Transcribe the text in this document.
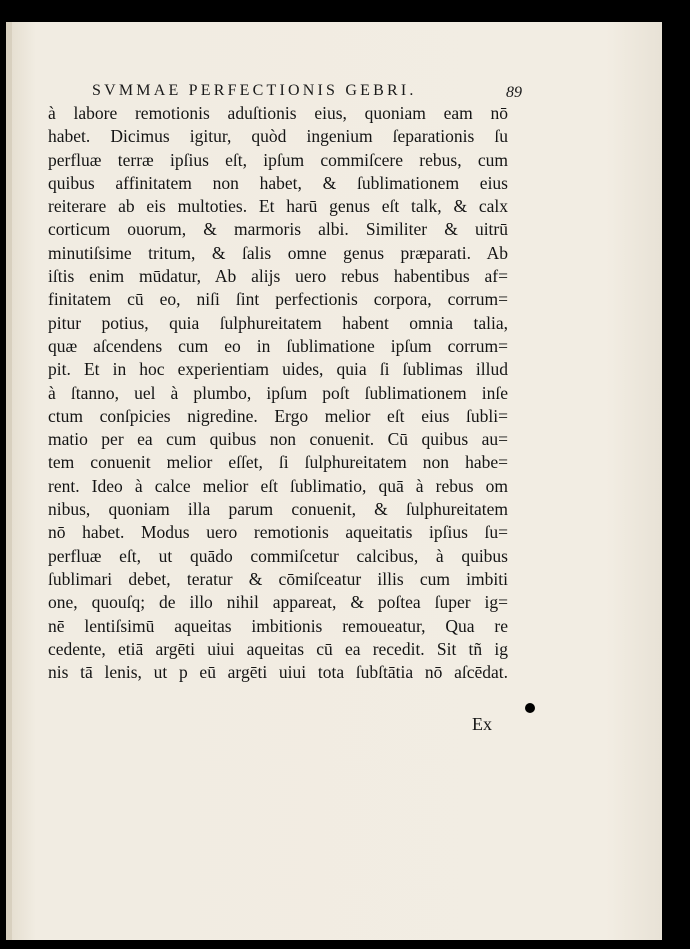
SVMMAE PERFECTIONIS GEBRI.	89
à labore remotionis aduſtionis eius, quoniam eam nō
habet. Dicimus igitur, quòd ingenium ſeparationis ſu
perfluæ terræ ipſius eſt, ipſum commiſcere rebus, cum
quibus affinitatem non habet, & ſublimationem eius
reiterare ab eis multoties. Et harū genus eſt talk, & calx
corticum ouorum, & marmoris albi. Similiter & uitrū
minutiſsime tritum, & ſalis omne genus præparati. Ab
iſtis enim mūdatur, Ab alijs uero rebus habentibus af=
finitatem cū eo, niſi ſint perfectionis corpora, corrum=
pitur potius, quia ſulphureitatem habent omnia talia,
quæ aſcendens cum eo in ſublimatione ipſum corrum=
pit. Et in hoc experientiam uides, quia ſi ſublimas illud
à ſtanno, uel à plumbo, ipſum poſt ſublimationem inſe
ctum conſpicies nigredine. Ergo melior eſt eius ſubli=
matio per ea cum quibus non conuenit. Cū quibus au=
tem conuenit melior eſſet, ſi ſulphureitatem non habe=
rent. Ideo à calce melior eſt ſublimatio, quā à rebus om
nibus, quoniam illa parum conuenit, & ſulphureitatem
nō habet. Modus uero remotionis aqueitatis ipſius ſu=
perfluæ eſt, ut quādo commiſcetur calcibus, à quibus
ſublimari debet, teratur & cōmiſceatur illis cum imbiti
one, quouſq; de illo nihil appareat, & poſtea ſuper ig=
nē lentiſsimū aqueitas imbitionis remoueatur, Qua re
cedente, etiā argēti uiui aqueitas cū ea recedit. Sit tñ ig
nis tā lenis, ut p eū argēti uiui tota ſubſtātia nō aſcēdat.
Ex
